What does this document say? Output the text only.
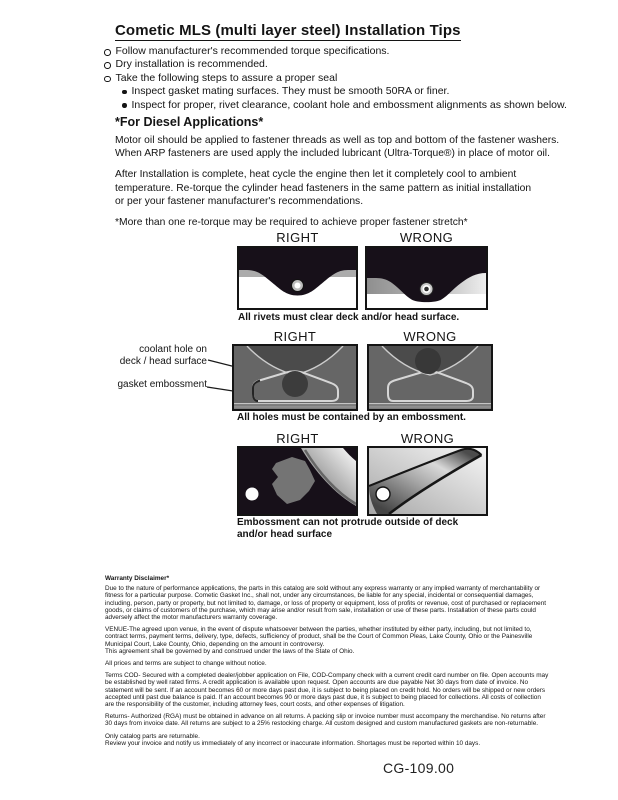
Cometic MLS (multi layer steel) Installation Tips
Follow manufacturer's recommended torque specifications.
Dry installation is recommended.
Take the following steps to assure a proper seal
Inspect gasket mating surfaces. They must be smooth 50RA or finer.
Inspect for proper, rivet clearance, coolant hole and embossment alignments as shown below.
*For Diesel Applications*
Motor oil should be applied to fastener threads as well as top and bottom of the fastener washers.
When ARP fasteners are used apply the included lubricant (Ultra-Torque®) in place of motor oil.
After Installation is complete, heat cycle the engine then let it completely cool to ambient
temperature. Re-torque the cylinder head fasteners in the same pattern as initial installation
or per your fastener manufacturer's recommendations.
*More than one re-torque may be required to achieve proper fastener stretch*
RIGHT	WRONG
All rivets must clear deck and/or head surface.
RIGHT	WRONG
coolant hole on
deck / head surface
gasket embossment
All holes must be contained by an embossment.
RIGHT	WRONG
Embossment can not protrude outside of deck
and/or head surface
Warranty Disclaimer*
Due to the nature of performance applications, the parts in this catalog are sold without any express warranty or any implied warranty of merchantability or
fitness for a particular purpose. Cometic Gasket Inc., shall not, under any circumstances, be liable for any special, incidental or consequential damages,
including, person, party or property, but not limited to, damage, or loss of property or equipment, loss of profits or revenue, cost of purchased or replacement
goods, or claims of customers of the purchase, which may arise and/or result from sale, installation or use of these parts. Installation of these parts could
adversely affect the motor manufacturers warranty coverage.
VENUE-The agreed upon venue, in the event of dispute whatsoever between the parties, whether instituted by either party, including, but not limited to,
contract terms, payment terms, delivery, type, defects, sufficiency of product, shall be the Court of Common Pleas, Lake County, Ohio or the Painesville
Municipal Court, Lake County, Ohio, depending on the amount in controversy.
This agreement shall be governed by and construed under the laws of the State of Ohio.
All prices and terms are subject to change without notice.
Terms COD- Secured with a completed dealer/jobber application on File, COD-Company check with a current credit card number on file. Open accounts may
be established by well rated firms. A credit application is available upon request. Open accounts are due payable Net 30 days from date of invoice. No
statement will be sent. If an account becomes 60 or more days past due, it is subject to being placed on credit hold. No orders will be shipped or new orders
accepted until past due balance is paid. If an account becomes 90 or more days past due, it is subject to being placed for collections. All costs of collection
are the responsibility of the customer, including attorney fees, court costs, and other expenses of litigation.
Returns- Authorized (RGA) must be obtained in advance on all returns. A packing slip or invoice number must accompany the merchandise. No returns after
30 days from invoice date. All returns are subject to a 25% restocking charge. All custom designed and custom manufactured gaskets are non-returnable.
Only catalog parts are returnable.
Review your invoice and notify us immediately of any incorrect or inaccurate information. Shortages must be reported within 10 days.
CG-109.00
